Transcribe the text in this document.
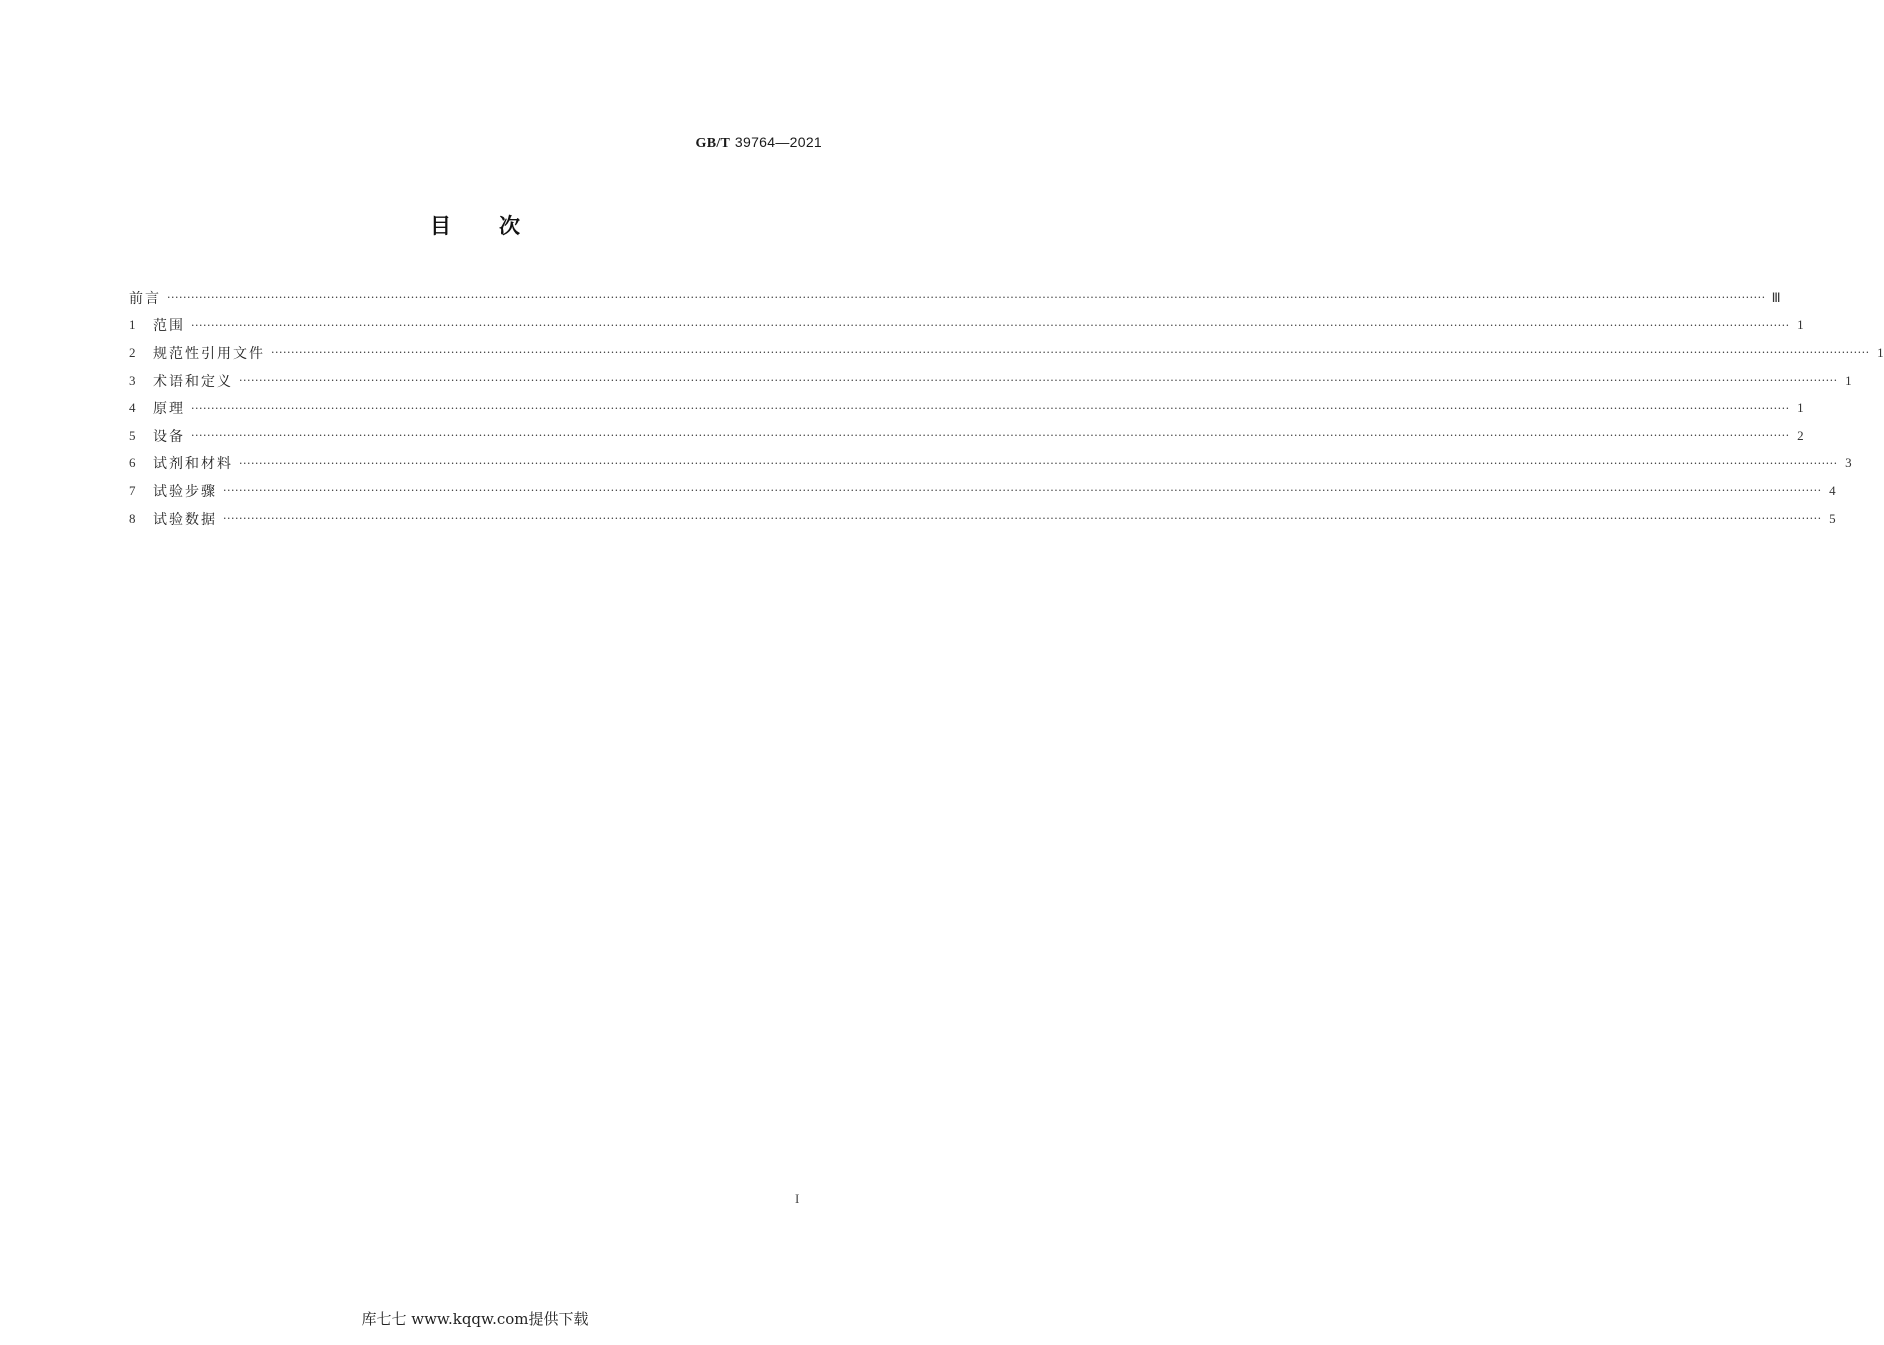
GB/T 39764—2021
目 次
前言 ················································································································································································································································································································································································································ Ⅲ
1	范围 ················································································································································································································································································································································································································ 1
2	规范性引用文件 ················································································································································································································································································································································································································ 1
3	术语和定义 ················································································································································································································································································································································································································ 1
4	原理 ················································································································································································································································································································································································································ 1
5	设备 ················································································································································································································································································································································································································ 2
6	试剂和材料 ················································································································································································································································································································································································································ 3
7	试验步骤 ················································································································································································································································································································································································································ 4
8	试验数据 ················································································································································································································································································································································································································ 5
I
库七七 www.kqqw.com提供下载
